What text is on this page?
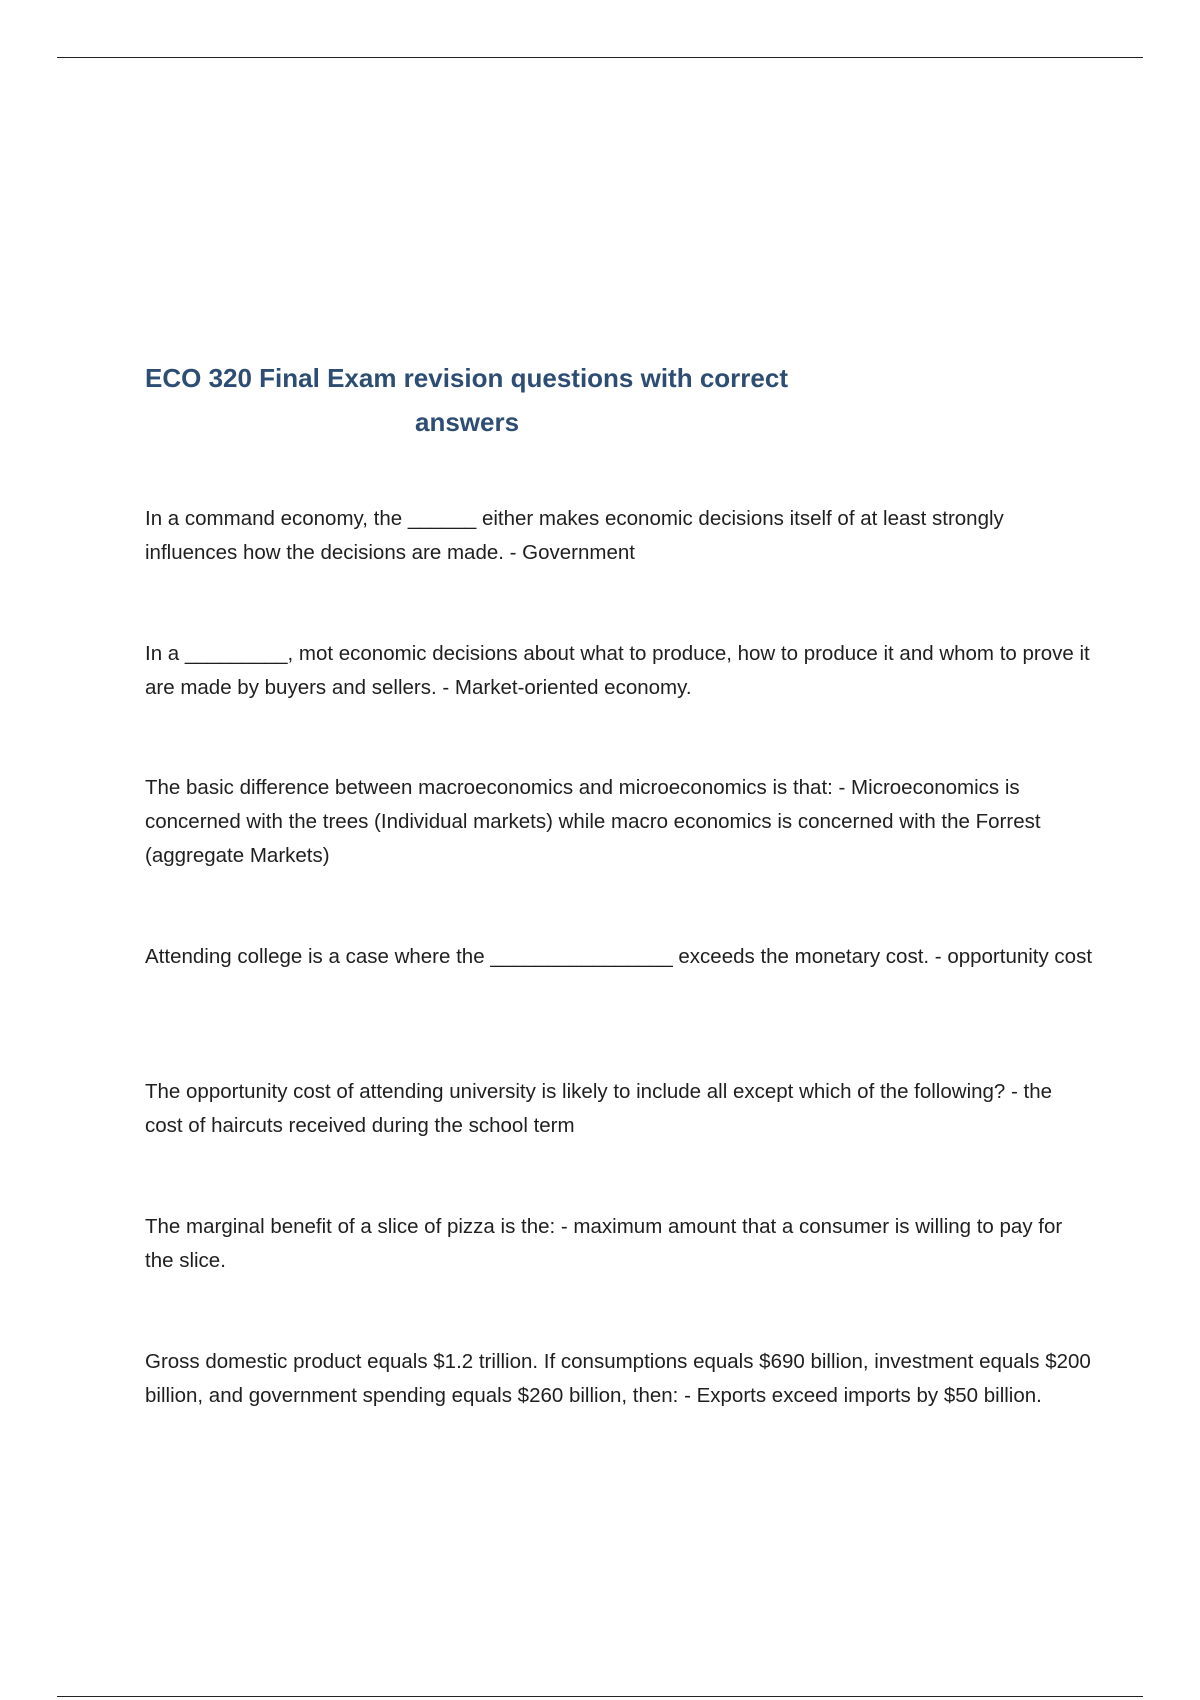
ECO 320 Final Exam revision questions with correct
answers

In a command economy, the ______ either makes economic decisions itself of at least strongly influences how the decisions are made. - Government

In a _________, mot economic decisions about what to produce, how to produce it and whom to prove it are made by buyers and sellers. - Market-oriented economy.

The basic difference between macroeconomics and microeconomics is that: - Microeconomics is concerned with the trees (Individual markets) while macro economics is concerned with the Forrest (aggregate Markets)

Attending college is a case where the ________________ exceeds the monetary cost. - opportunity cost

The opportunity cost of attending university is likely to include all except which of the following? - the cost of haircuts received during the school term

The marginal benefit of a slice of pizza is the: - maximum amount that a consumer is willing to pay for the slice.

Gross domestic product equals $1.2 trillion. If consumptions equals $690 billion, investment equals $200 billion, and government spending equals $260 billion, then: - Exports exceed imports by $50 billion.
